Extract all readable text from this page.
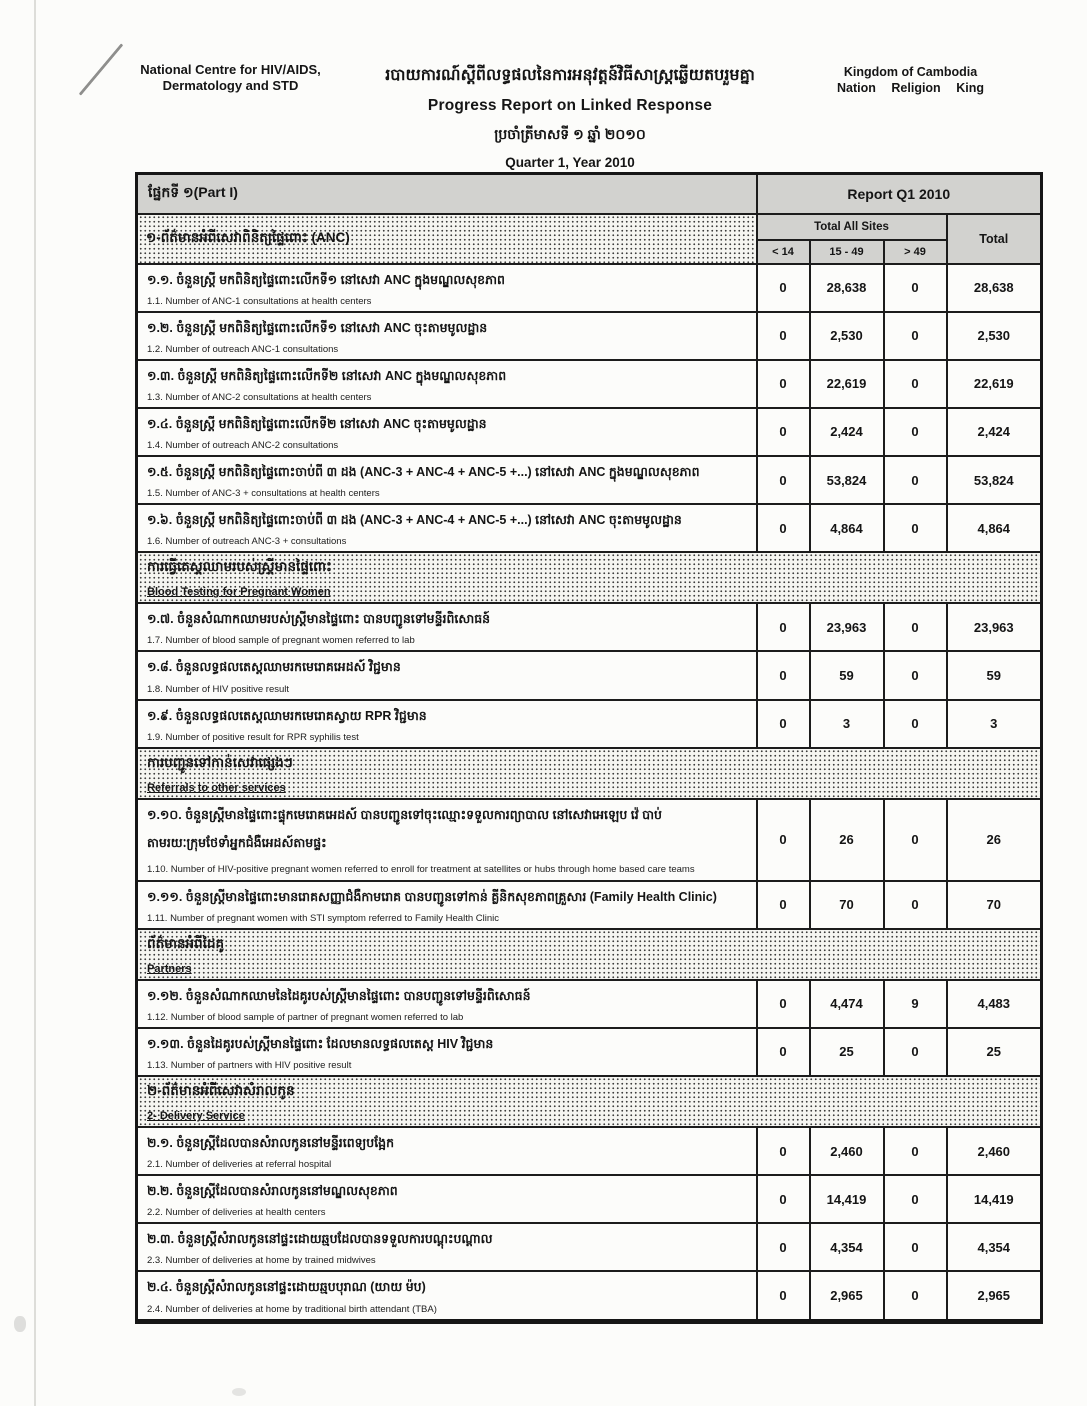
National Centre for HIV/AIDS,
Dermatology and STD
របាយការណ៍ស្តីពីលទ្ធផលនៃការអនុវត្តន៍វិធីសាស្ត្រឆ្លើយតបរួមគ្នា
Progress Report on Linked Response
ប្រចាំត្រីមាសទី ១ ឆ្នាំ ២០១០
Quarter 1, Year 2010
Kingdom of Cambodia
Nation Religion King
ផ្នែកទី ១(Part I)	Report Q1 2010			
១-ព័ត៌មានអំពីសេវាពិនិត្យផ្ទៃពោះ (ANC)	Total All Sites			Total
	< 14	15 - 49	> 49	

១.១. ចំនួនស្ត្រី មកពិនិត្យផ្ទៃពោះលើកទី១ នៅសេវា ANC ក្នុងមណ្ឌលសុខភាព
1.1. Number of ANC-1 consultations at health centers	0	28,638	0	28,638

១.២. ចំនួនស្ត្រី មកពិនិត្យផ្ទៃពោះលើកទី១ នៅសេវា ANC ចុះតាមមូលដ្ឋាន
1.2. Number of outreach ANC-1 consultations	0	2,530	0	2,530

១.៣. ចំនួនស្ត្រី មកពិនិត្យផ្ទៃពោះលើកទី២ នៅសេវា ANC ក្នុងមណ្ឌលសុខភាព
1.3. Number of ANC-2 consultations at health centers	0	22,619	0	22,619

១.៤. ចំនួនស្ត្រី មកពិនិត្យផ្ទៃពោះលើកទី២ នៅសេវា ANC ចុះតាមមូលដ្ឋាន
1.4. Number of outreach ANC-2 consultations	0	2,424	0	2,424

១.៥. ចំនួនស្ត្រី មកពិនិត្យផ្ទៃពោះចាប់ពី ៣ ដង (ANC-3 + ANC-4 + ANC-5 +...) នៅសេវា ANC ក្នុងមណ្ឌលសុខភាព
1.5. Number of ANC-3 + consultations at health centers	0	53,824	0	53,824

១.៦. ចំនួនស្ត្រី មកពិនិត្យផ្ទៃពោះចាប់ពី ៣ ដង (ANC-3 + ANC-4 + ANC-5 +...) នៅសេវា ANC ចុះតាមមូលដ្ឋាន
1.6. Number of outreach ANC-3 + consultations	0	4,864	0	4,864

ការធ្វើតេស្តឈាមរបស់ស្ត្រីមានផ្ទៃពោះ
Blood Testing for Pregnant Women				

១.៧. ចំនួនសំណាកឈាមរបស់ស្ត្រីមានផ្ទៃពោះ បានបញ្ជូនទៅមន្ទីរពិសោធន៍
1.7. Number of blood sample of pregnant women referred to lab	0	23,963	0	23,963

១.៨. ចំនួនលទ្ធផលតេស្តឈាមរកមេរោគអេដស៍ វិជ្ជមាន
1.8. Number of HIV positive result	0	59	0	59

១.៩. ចំនួនលទ្ធផលតេស្តឈាមរកមេរោគស្វាយ RPR វិជ្ជមាន
1.9. Number of positive result for RPR syphilis test	0	3	0	3

ការបញ្ជូនទៅកាន់សេវាផ្សេងៗ
Referrals to other services				

១.១០. ចំនួនស្ត្រីមានផ្ទៃពោះផ្ទុកមេរោគអេដស៍ បានបញ្ជូនទៅចុះឈ្មោះទទួលការព្យាបាល នៅសេវាអេឡេប វ៉េ បាប់
តាមរយៈក្រុមថែទាំអ្នកជំងឺអេដស៍តាមផ្ទះ
1.10. Number of HIV-positive pregnant women referred to enroll for treatment at satellites or hubs through home based care teams	0	26	0	26

១.១១. ចំនួនស្ត្រីមានផ្ទៃពោះមានរោគសញ្ញាជំងឺកាមរោគ បានបញ្ជូនទៅកាន់ គ្លីនិកសុខភាពគ្រួសារ (Family Health Clinic)
1.11. Number of pregnant women with STI symptom referred to Family Health Clinic	0	70	0	70

ព័ត៌មានអំពីដៃគូ
Partners				

១.១២. ចំនួនសំណាកឈាមនៃដៃគូរបស់ស្ត្រីមានផ្ទៃពោះ បានបញ្ជូនទៅមន្ទីរពិសោធន៍
1.12. Number of blood sample of partner of pregnant women referred to lab	0	4,474	9	4,483

១.១៣. ចំនួនដៃគូរបស់ស្ត្រីមានផ្ទៃពោះ ដែលមានលទ្ធផលតេស្ត HIV វិជ្ជមាន
1.13. Number of partners with HIV positive result	0	25	0	25

២-ព័ត៌មានអំពីសេវាសំរាលកូន
2- Delivery Service				

២.១. ចំនួនស្ត្រីដែលបានសំរាលកូននៅមន្ទីរពេទ្យបង្អែក
2.1. Number of deliveries at referral hospital	0	2,460	0	2,460

២.២. ចំនួនស្ត្រីដែលបានសំរាលកូននៅមណ្ឌលសុខភាព
2.2. Number of deliveries at health centers	0	14,419	0	14,419

២.៣. ចំនួនស្ត្រីសំរាលកូននៅផ្ទះដោយឆ្មបដែលបានទទួលការបណ្តុះបណ្តាល
2.3. Number of deliveries at home by trained midwives	0	4,354	0	4,354

២.៤. ចំនួនស្ត្រីសំរាលកូននៅផ្ទះដោយឆ្មបបុរាណ (យាយ ម៉ប)
2.4. Number of deliveries at home by traditional birth attendant (TBA)	0	2,965	0	2,965
